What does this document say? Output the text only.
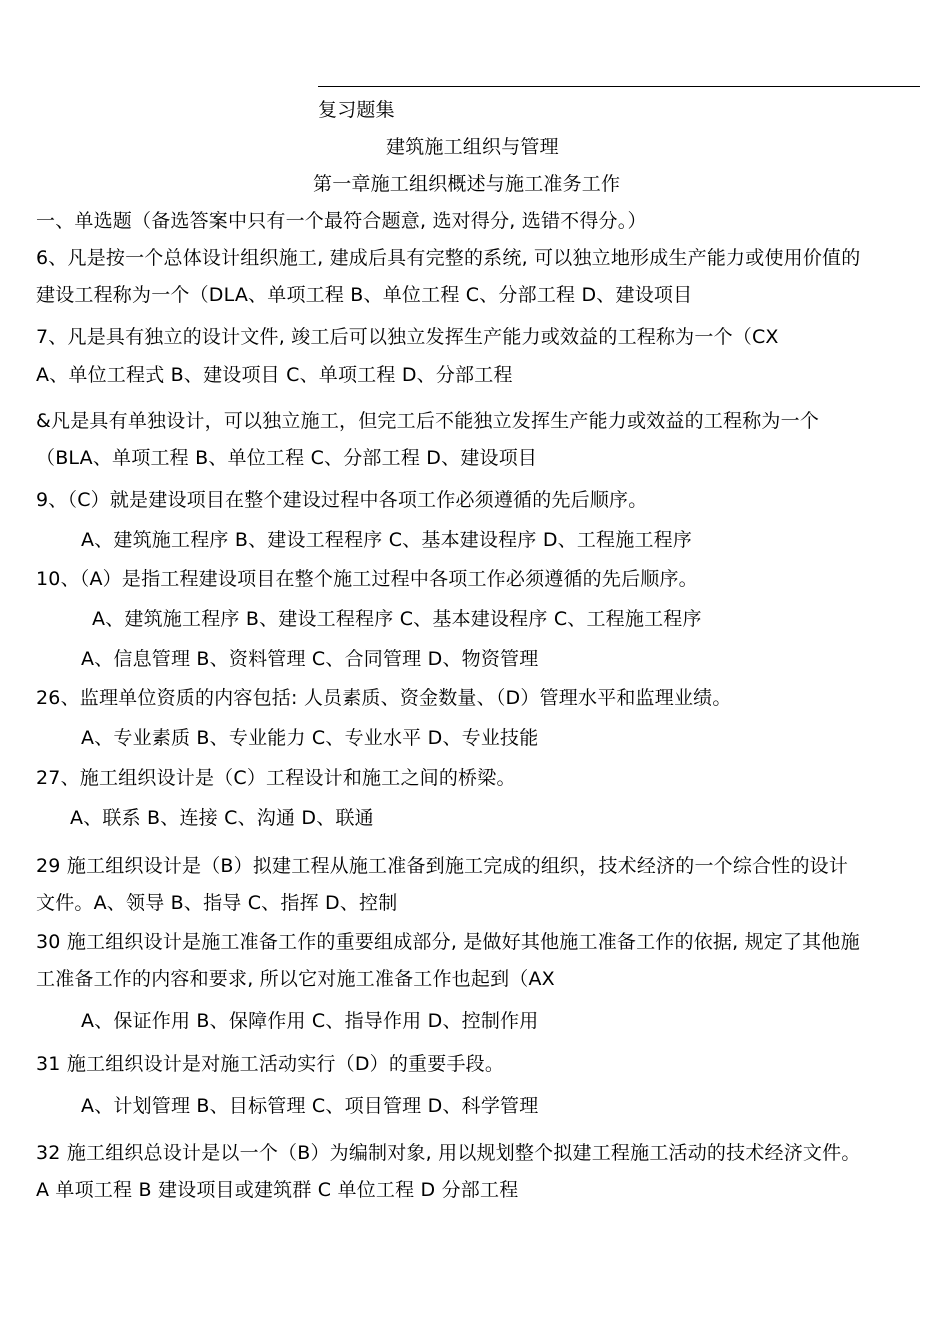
复习题集
建筑施工组织与管理
第一章施工组织概述与施工准务工作
一、单选题（备选答案中只有一个最符合题意, 选对得分, 选错不得分。）
6、凡是按一个总体设计组织施工, 建成后具有完整的系统, 可以独立地形成生产能力或使用价值的
建设工程称为一个（DLA、单项工程 B、单位工程 C、分部工程 D、建设项目
7、凡是具有独立的设计文件, 竣工后可以独立发挥生产能力或效益的工程称为一个（CX
A、单位工程式 B、建设项目 C、单项工程 D、分部工程
&凡是具有单独设计，可以独立施工，但完工后不能独立发挥生产能力或效益的工程称为一个
（BLA、单项工程 B、单位工程 C、分部工程 D、建设项目
9、（C）就是建设项目在整个建设过程中各项工作必须遵循的先后顺序。
A、建筑施工程序 B、建设工程程序 C、基本建设程序 D、工程施工程序
10、（A）是指工程建设项目在整个施工过程中各项工作必须遵循的先后顺序。
A、建筑施工程序 B、建设工程程序 C、基本建设程序 C、工程施工程序
A、信息管理 B、资料管理 C、合同管理 D、物资管理
26、监理单位资质的内容包括: 人员素质、资金数量、（D）管理水平和监理业绩。
A、专业素质 B、专业能力 C、专业水平 D、专业技能
27、施工组织设计是（C）工程设计和施工之间的桥梁。
A、联系 B、连接 C、沟通 D、联通
29 施工组织设计是（B）拟建工程从施工准备到施工完成的组织，技术经济的一个综合性的设计
文件。A、领导 B、指导 C、指挥 D、控制
30 施工组织设计是施工准备工作的重要组成部分, 是做好其他施工准备工作的依据, 规定了其他施
工准备工作的内容和要求, 所以它对施工准备工作也起到（AX
A、保证作用 B、保障作用 C、指导作用 D、控制作用
31 施工组织设计是对施工活动实行（D）的重要手段。
A、计划管理 B、目标管理 C、项目管理 D、科学管理
32 施工组织总设计是以一个（B）为编制对象, 用以规划整个拟建工程施工活动的技术经济文件。
A 单项工程 B 建设项目或建筑群 C 单位工程 D 分部工程
